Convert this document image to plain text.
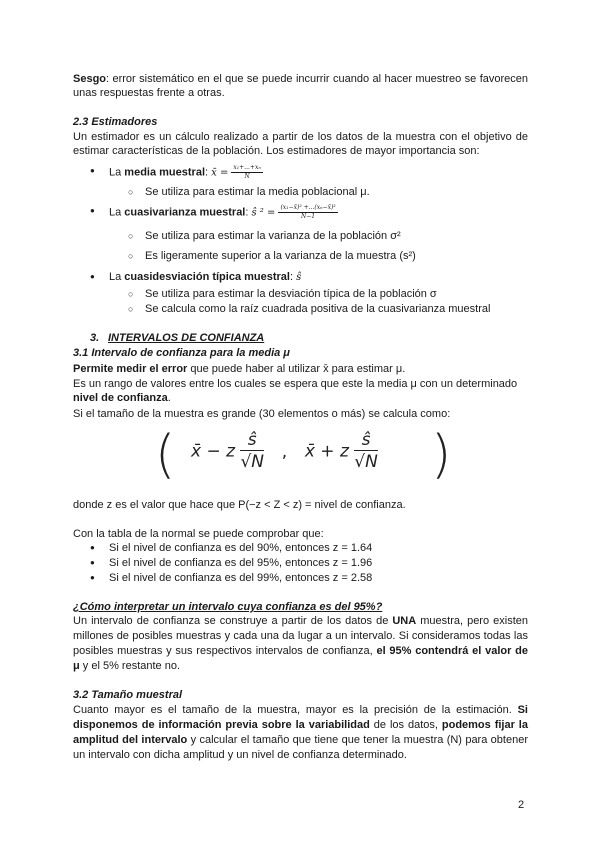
Sesgo: error sistemático en el que se puede incurrir cuando al hacer muestreo se favorecen unas respuestas frente a otras.
2.3 Estimadores
Un estimador es un cálculo realizado a partir de los datos de la muestra con el objetivo de estimar características de la población. Los estimadores de mayor importancia son:
● La media muestral: x̄ = $\frac{\text{x₁+...+xₙ}}{N}$
○ Se utiliza para estimar la media poblacional μ.
● La cuasivarianza muestral: ŝ $^2 = \frac{\text{(x₁−x̄)² +...(xₙ−x̄)²}}{N-1}$
○ Se utiliza para estimar la varianza de la población σ²
○ Es ligeramente superior a la varianza de la muestra (s²)
● La cuasidesviación típica muestral: ŝ
○ Se utiliza para estimar la desviación típica de la población σ
○ Se calcula como la raíz cuadrada positiva de la cuasivarianza muestral
3. INTERVALOS DE CONFIANZA
3.1 Intervalo de confianza para la media μ
Permite medir el error que puede haber al utilizar x̄ para estimar μ.
Es un rango de valores entre los cuales se espera que este la media μ con un determinado nivel de confianza.
Si el tamaño de la muestra es grande (30 elementos o más) se calcula como:
( x̄ − z $\frac{ŝ}{√N}$ , x̄ + z $\frac{ŝ}{√N}$ )
donde z es el valor que hace que P(−z < Z < z) = nivel de confianza.
Con la tabla de la normal se puede comprobar que:
● Si el nivel de confianza es del 90%, entonces z = 1.64
● Si el nivel de confianza es del 95%, entonces z = 1.96
● Si el nivel de confianza es del 99%, entonces z = 2.58
¿Cómo interpretar un intervalo cuya confianza es del 95%?
Un intervalo de confianza se construye a partir de los datos de UNA muestra, pero existen millones de posibles muestras y cada una da lugar a un intervalo. Si consideramos todas las posibles muestras y sus respectivos intervalos de confianza, el 95% contendrá el valor de μ y el 5% restante no.
3.2 Tamaño muestral
Cuanto mayor es el tamaño de la muestra, mayor es la precisión de la estimación. Si disponemos de información previa sobre la variabilidad de los datos, podemos fijar la amplitud del intervalo y calcular el tamaño que tiene que tener la muestra (N) para obtener un intervalo con dicha amplitud y un nivel de confianza determinado.
2
